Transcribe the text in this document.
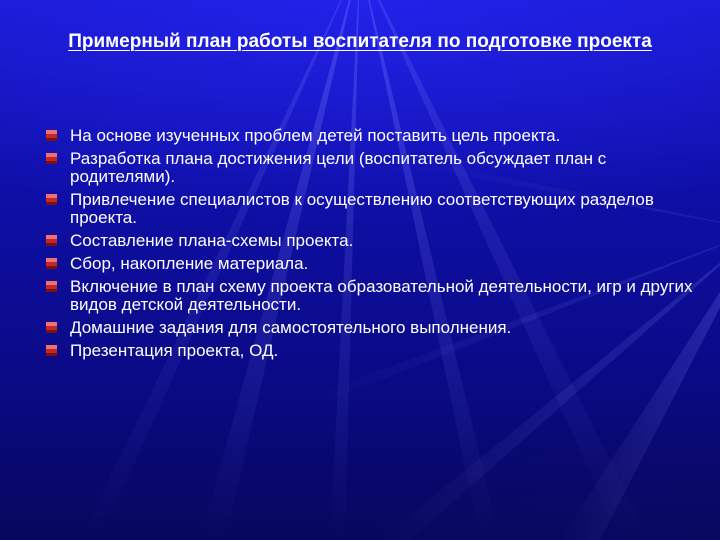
Примерный план работы воспитателя по подготовке проекта
На основе изученных проблем детей поставить цель проекта.
Разработка плана достижения цели (воспитатель обсуждает план с родителями).
Привлечение специалистов к осуществлению соответствующих разделов проекта.
Составление плана-схемы проекта.
Сбор, накопление материала.
Включение в план схему проекта образовательной деятельности, игр и других видов детской деятельности.
Домашние задания для самостоятельного выполнения.
Презентация проекта, ОД.
